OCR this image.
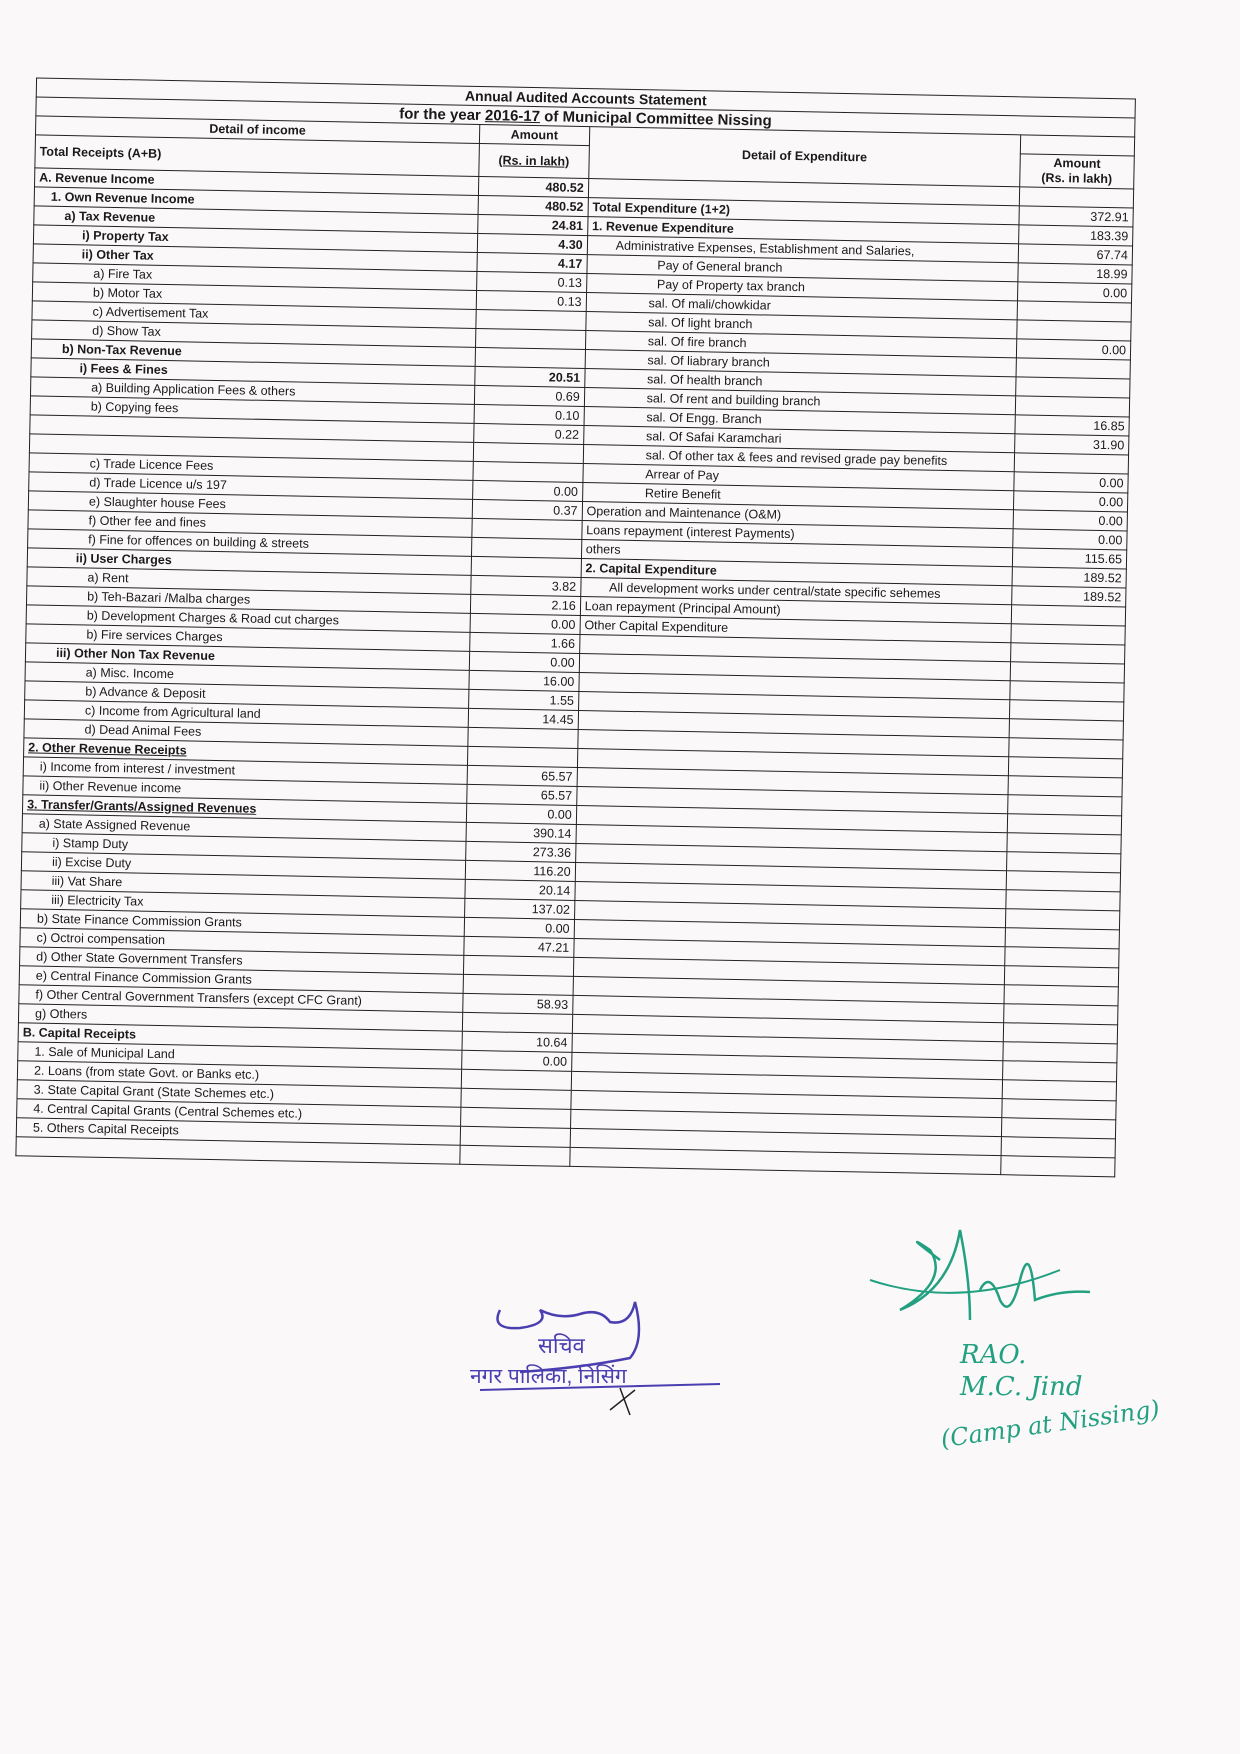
Annual Audited Accounts Statement			
for the year 2016-17 of Municipal Committee Nissing			
Detail of income	Amount	Detail of Expenditure	
Total Receipts (A+B)	(Rs. in lakh)		Amount
(Rs. in lakh)
A. Revenue Income	480.52		
1. Own Revenue Income	480.52	Total Expenditure (1+2)	372.91
a) Tax Revenue	24.81	1. Revenue Expenditure	183.39
i) Property Tax	4.30	Administrative Expenses, Establishment and Salaries,	67.74
ii) Other Tax	4.17	Pay of General branch	18.99
a) Fire Tax	0.13	Pay of Property tax branch	0.00
b) Motor Tax	0.13	sal. Of mali/chowkidar	
c) Advertisement Tax		sal. Of light branch	
d) Show Tax		sal. Of fire branch	0.00
b) Non-Tax Revenue		sal. Of liabrary branch	
i) Fees & Fines	20.51	sal. Of health branch	
a) Building Application Fees & others	0.69	sal. Of rent and building branch	
b) Copying fees	0.10	sal. Of Engg. Branch	16.85
	0.22	sal. Of Safai Karamchari	31.90
		sal. Of other tax & fees and revised grade pay benefits	
c) Trade Licence Fees		Arrear of Pay	0.00
d) Trade Licence u/s 197	0.00	Retire Benefit	0.00
e) Slaughter house Fees	0.37	Operation and Maintenance (O&M)	0.00
f) Other fee and fines		Loans repayment (interest Payments)	0.00
f) Fine for offences on building & streets		others	115.65
ii) User Charges		2. Capital Expenditure	189.52
a) Rent	3.82	All development works under central/state specific sehemes	189.52
b) Teh-Bazari /Malba charges	2.16	Loan repayment (Principal Amount)	
b) Development Charges & Road cut charges	0.00	Other Capital Expenditure	
b) Fire services Charges	1.66		
iii) Other Non Tax Revenue	0.00		
a) Misc. Income	16.00		
b) Advance & Deposit	1.55		
c) Income from Agricultural land	14.45		
d) Dead Animal Fees			
2. Other Revenue Receipts			
i) Income from interest / investment	65.57		
ii) Other Revenue income	65.57		
3. Transfer/Grants/Assigned Revenues	0.00		
a) State Assigned Revenue	390.14		
i) Stamp Duty	273.36		
ii) Excise Duty	116.20		
iii) Vat Share	20.14		
iii) Electricity Tax	137.02		
b) State Finance Commission Grants	0.00		
c) Octroi compensation	47.21		
d) Other State Government Transfers			
e) Central Finance Commission Grants			
f) Other Central Government Transfers (except CFC Grant)	58.93		
g) Others			
B. Capital Receipts	10.64		
1. Sale of Municipal Land	0.00		
2. Loans (from state Govt. or Banks etc.)			
3. State Capital Grant (State Schemes etc.)			
4. Central Capital Grants (Central Schemes etc.)			
5. Others Capital Receipts			

सचिव
नगर पालिका, निसिंग
RAO.
M.C. Jind
(Camp at Nissing)
